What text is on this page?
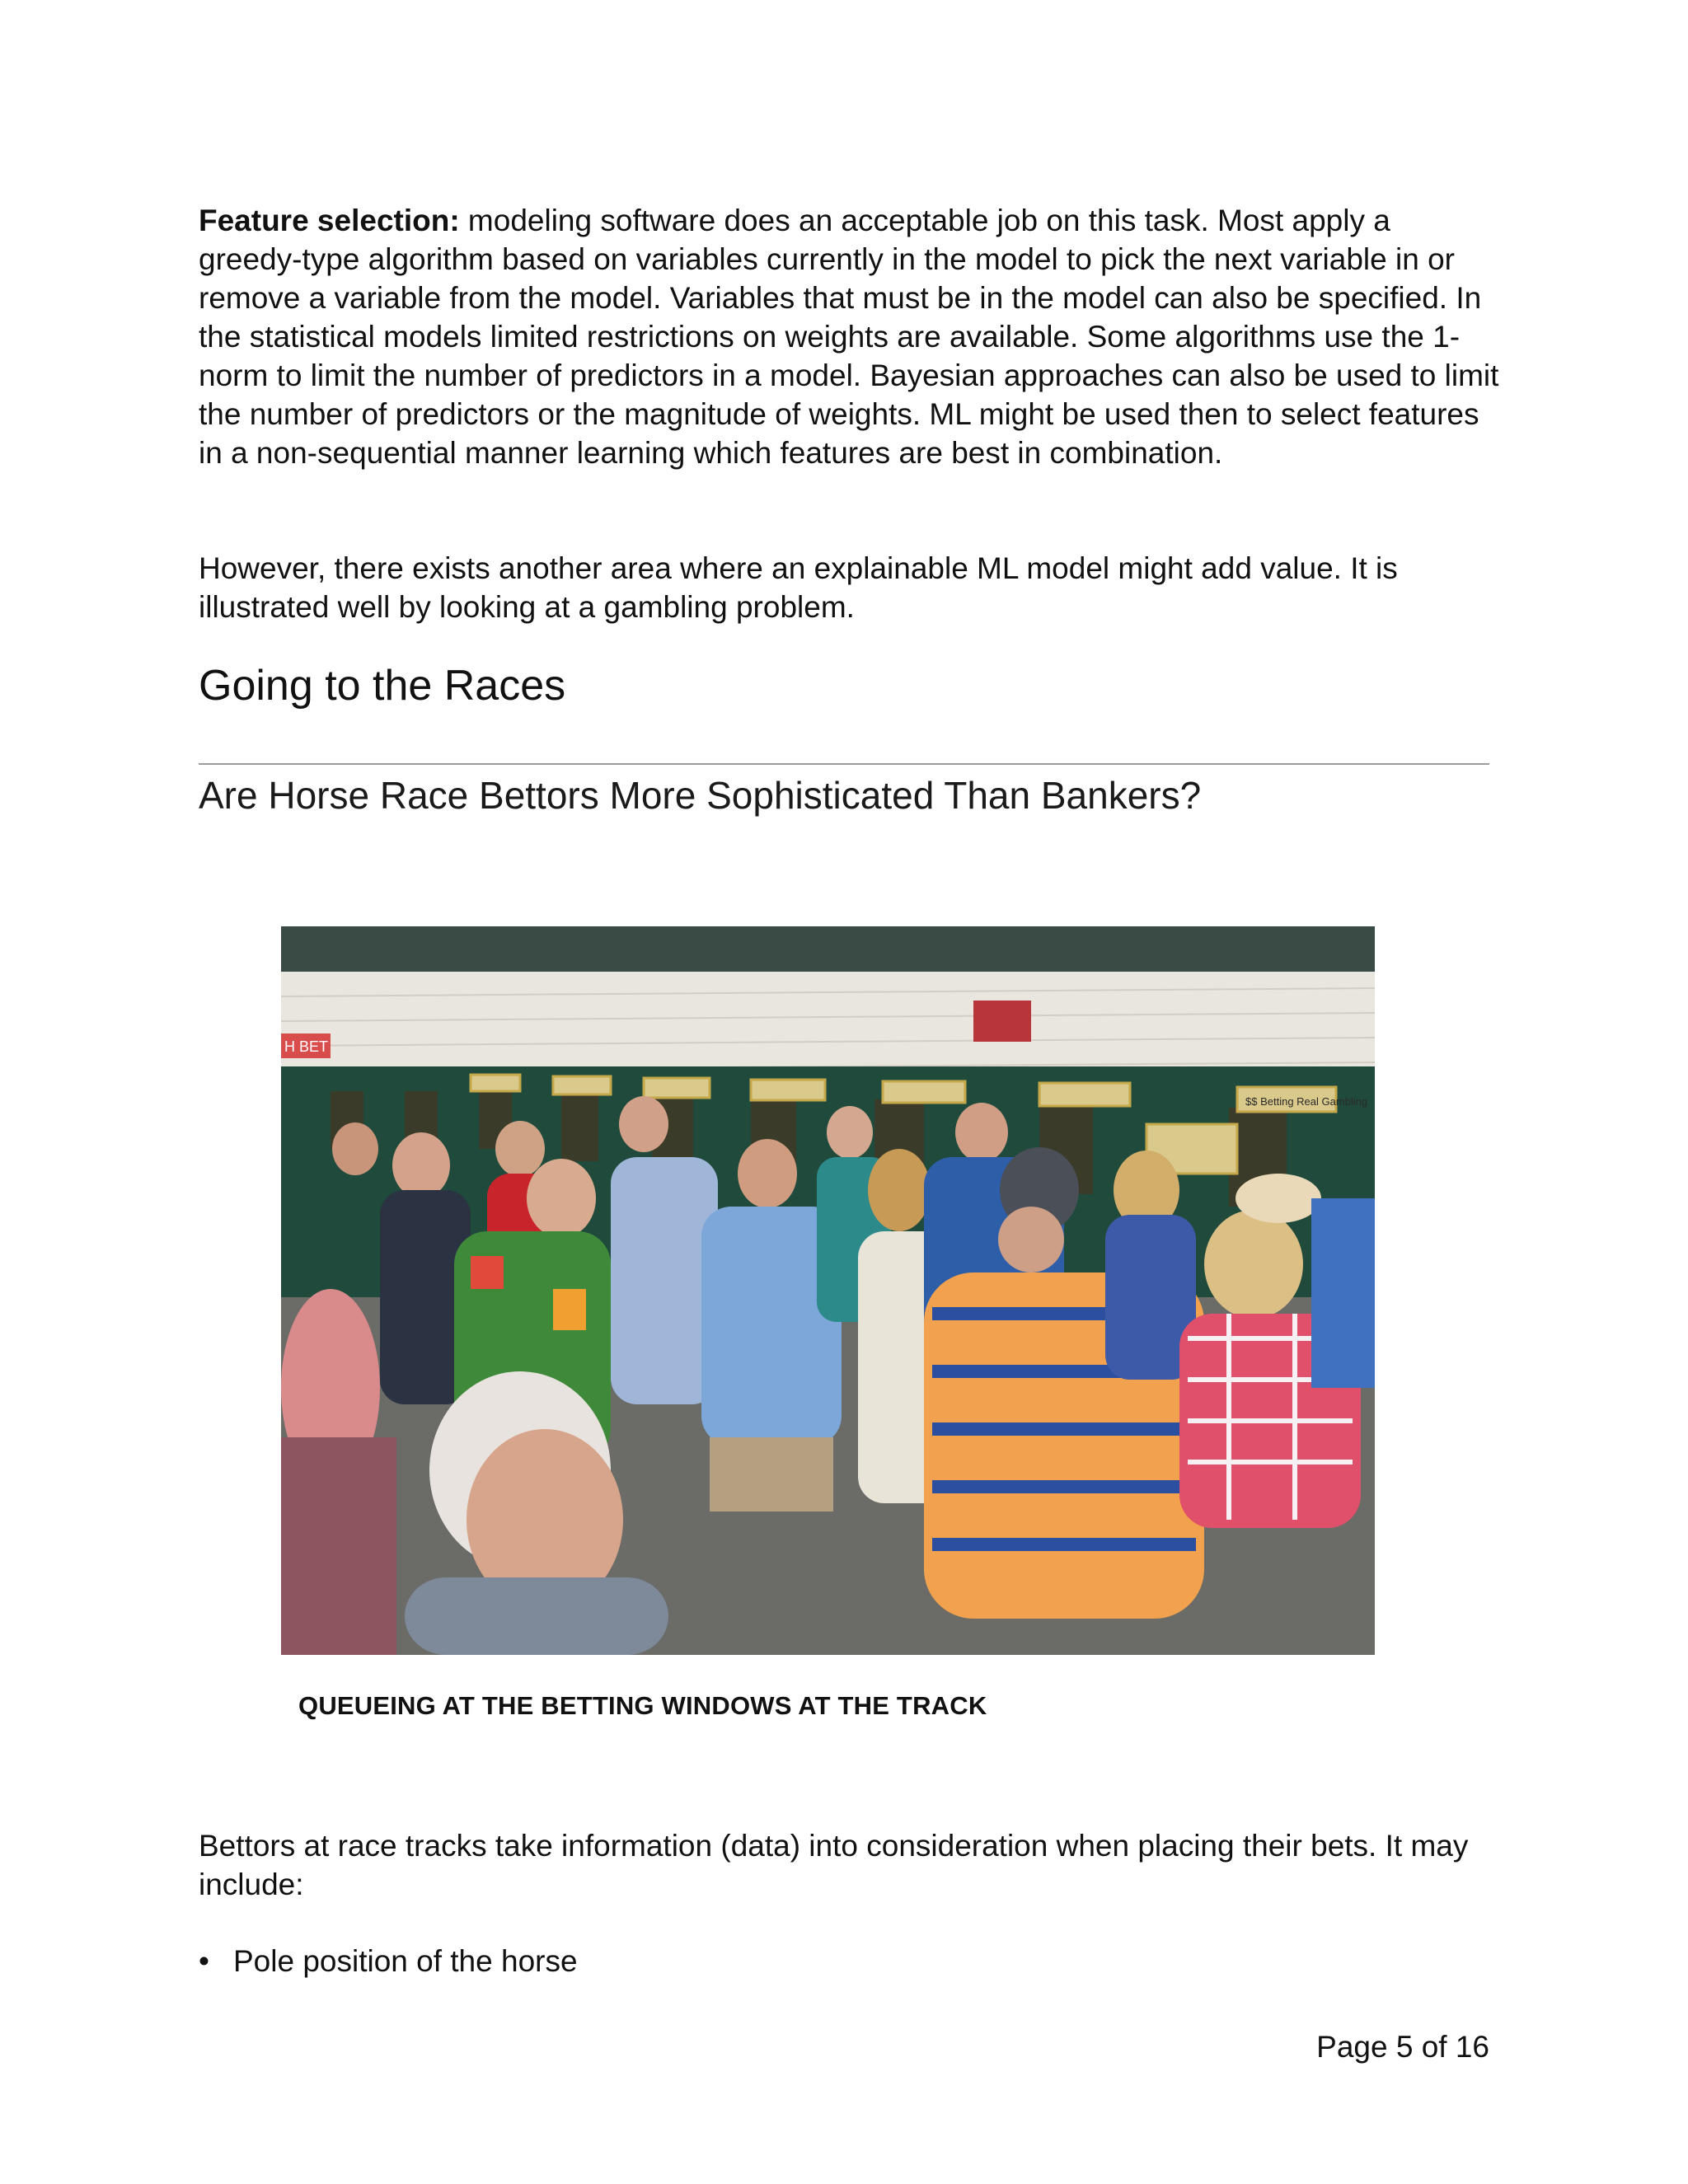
Feature selection: modeling software does an acceptable job on this task. Most apply a greedy-type algorithm based on variables currently in the model to pick the next variable in or remove a variable from the model. Variables that must be in the model can also be specified. In the statistical models limited restrictions on weights are available. Some algorithms use the 1-norm to limit the number of predictors in a model. Bayesian approaches can also be used to limit the number of predictors or the magnitude of weights. ML might be used then to select features in a non-sequential manner learning which features are best in combination.

However, there exists another area where an explainable ML model might add value. It is illustrated well by looking at a gambling problem.

Going to the Races
Are Horse Race Bettors More Sophisticated Than Bankers?
H BET
$$ Betting Real Gambling

QUEUEING AT THE BETTING WINDOWS AT THE TRACK

Bettors at race tracks take information (data) into consideration when placing their bets. It may include:

• Pole position of the horse

Page 5 of 16
